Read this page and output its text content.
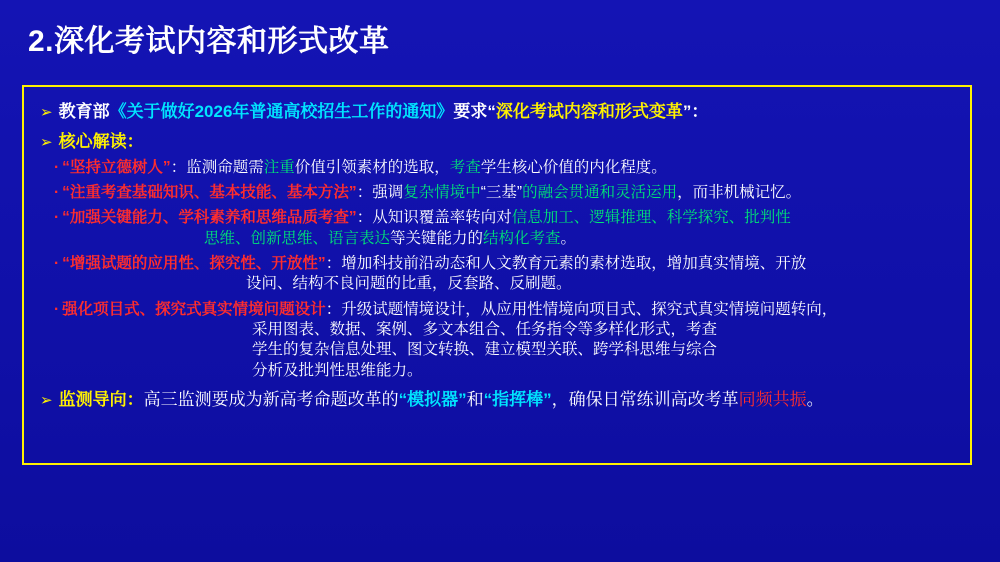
2.深化考试内容和形式改革
➢ 教育部《关于做好2026年普通高校招生工作的通知》要求“深化考试内容和形式变革”：
➢ 核心解读：
· “坚持立德树人”：监测命题需注重价值引领素材的选取，考查学生核心价值的内化程度。
· “注重考查基础知识、基本技能、基本方法”：强调复杂情境中“三基”的融会贯通和灵活运用，而非机械记忆。
· “加强关键能力、学科素养和思维品质考查”：从知识覆盖率转向对信息加工、逻辑推理、科学探究、批判性
思维、创新思维、语言表达等关键能力的结构化考查。
· “增强试题的应用性、探究性、开放性”：增加科技前沿动态和人文教育元素的素材选取，增加真实情境、开放
设问、结构不良问题的比重，反套路、反刷题。
· 强化项目式、探究式真实情境问题设计：升级试题情境设计，从应用性情境向项目式、探究式真实情境问题转向，
采用图表、数据、案例、多文本组合、任务指令等多样化形式，考查
学生的复杂信息处理、图文转换、建立模型关联、跨学科思维与综合
分析及批判性思维能力。
➢ 监测导向：高三监测要成为新高考命题改革的“模拟器”和“指挥棒”，确保日常练训高改考革同频共振。
